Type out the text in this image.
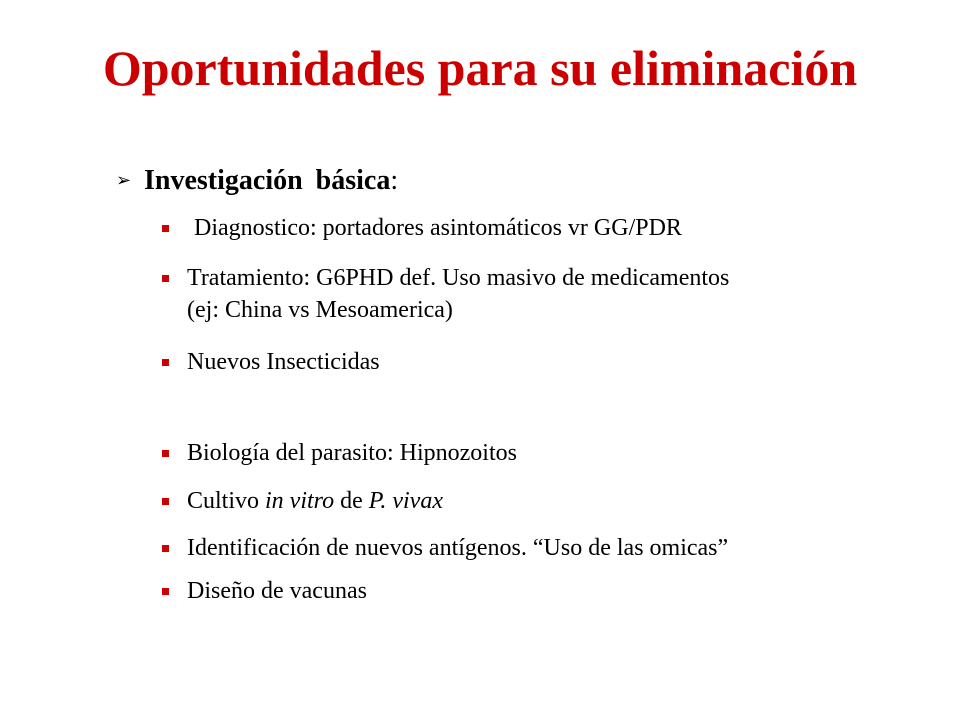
Oportunidades para su eliminación
➢ Investigación básica:
Diagnostico: portadores asintomáticos vr GG/PDR
Tratamiento: G6PHD def. Uso masivo de medicamentos
(ej: China vs Mesoamerica)
Nuevos Insecticidas
Biología del parasito: Hipnozoitos
Cultivo in vitro de P. vivax
Identificación de nuevos antígenos. “Uso de las omicas”
Diseño de vacunas
